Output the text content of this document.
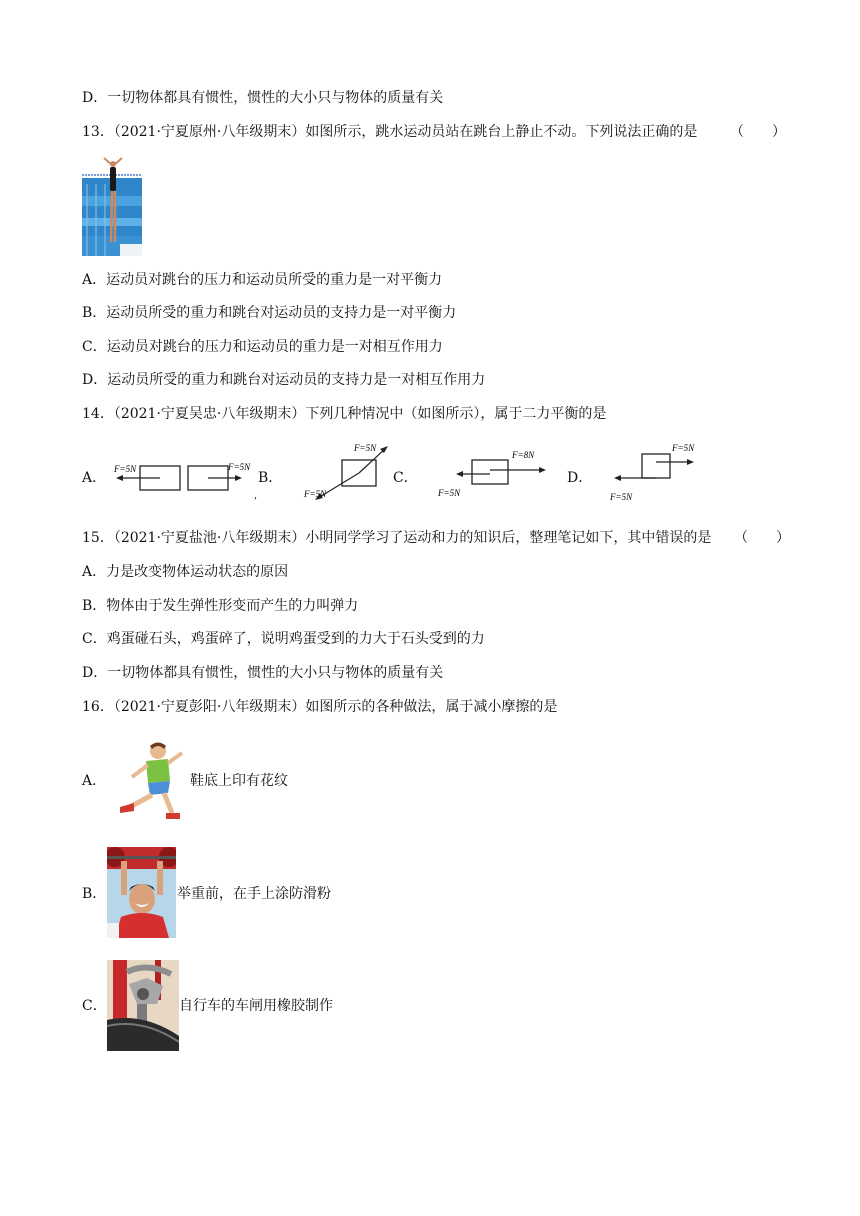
D．一切物体都具有惯性，惯性的大小只与物体的质量有关
13．（2021·宁夏原州·八年级期末）如图所示，跳水运动员站在跳台上静止不动。下列说法正确的是 （　　）
A．运动员对跳台的压力和运动员所受的重力是一对平衡力
B．运动员所受的重力和跳台对运动员的支持力是一对平衡力
C．运动员对跳台的压力和运动员的重力是一对相互作用力
D．运动员所受的重力和跳台对运动员的支持力是一对相互作用力
14．（2021·宁夏吴忠·八年级期末）下列几种情况中（如图所示），属于二力平衡的是
A．
F=5N	F=5N
B．
,
F=5N
F=5N
C．
F=8N
F=5N
D．
F=5N
F=5N
15．（2021·宁夏盐池·八年级期末）小明同学学习了运动和力的知识后，整理笔记如下，其中错误的是 （　　）
A．力是改变物体运动状态的原因
B．物体由于发生弹性形变而产生的力叫弹力
C．鸡蛋碰石头，鸡蛋碎了，说明鸡蛋受到的力大于石头受到的力
D．一切物体都具有惯性，惯性的大小只与物体的质量有关
16．（2021·宁夏彭阳·八年级期末）如图所示的各种做法，属于减小摩擦的是
A．	鞋底上印有花纹
B．	举重前，在手上涂防滑粉
C．	自行车的车闸用橡胶制作
